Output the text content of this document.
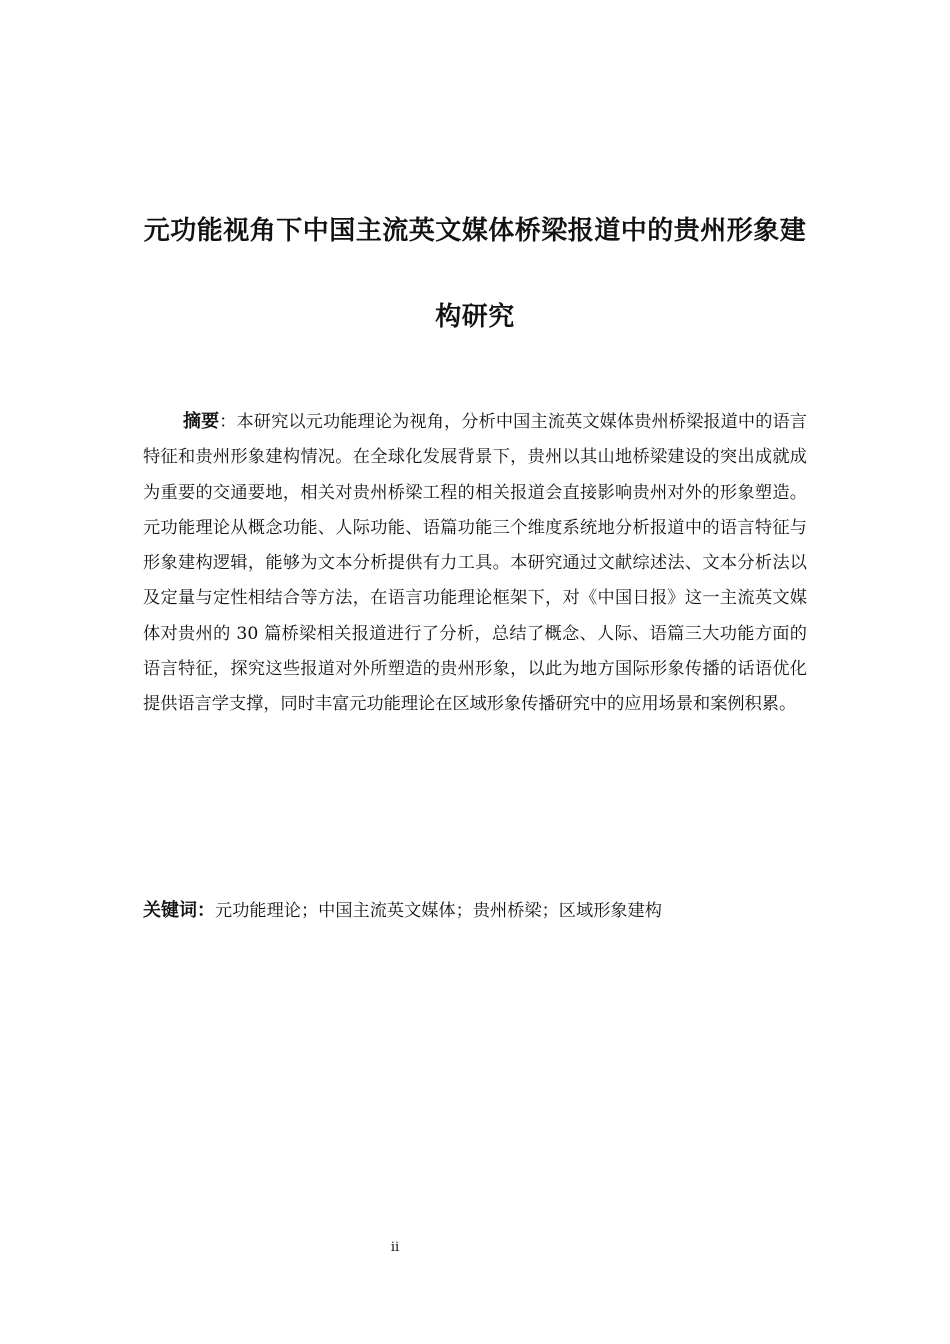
元功能视角下中国主流英文媒体桥梁报道中的贵州形象建构研究

摘要：本研究以元功能理论为视角，分析中国主流英文媒体贵州桥梁报道中的语言特征和贵州形象建构情况。在全球化发展背景下，贵州以其山地桥梁建设的突出成就成为重要的交通要地，相关对贵州桥梁工程的相关报道会直接影响贵州对外的形象塑造。元功能理论从概念功能、人际功能、语篇功能三个维度系统地分析报道中的语言特征与形象建构逻辑，能够为文本分析提供有力工具。本研究通过文献综述法、文本分析法以及定量与定性相结合等方法，在语言功能理论框架下，对《中国日报》这一主流英文媒体对贵州的 30 篇桥梁相关报道进行了分析，总结了概念、人际、语篇三大功能方面的语言特征，探究这些报道对外所塑造的贵州形象，以此为地方国际形象传播的话语优化提供语言学支撑，同时丰富元功能理论在区域形象传播研究中的应用场景和案例积累。

关键词：元功能理论；中国主流英文媒体；贵州桥梁；区域形象建构

ii
